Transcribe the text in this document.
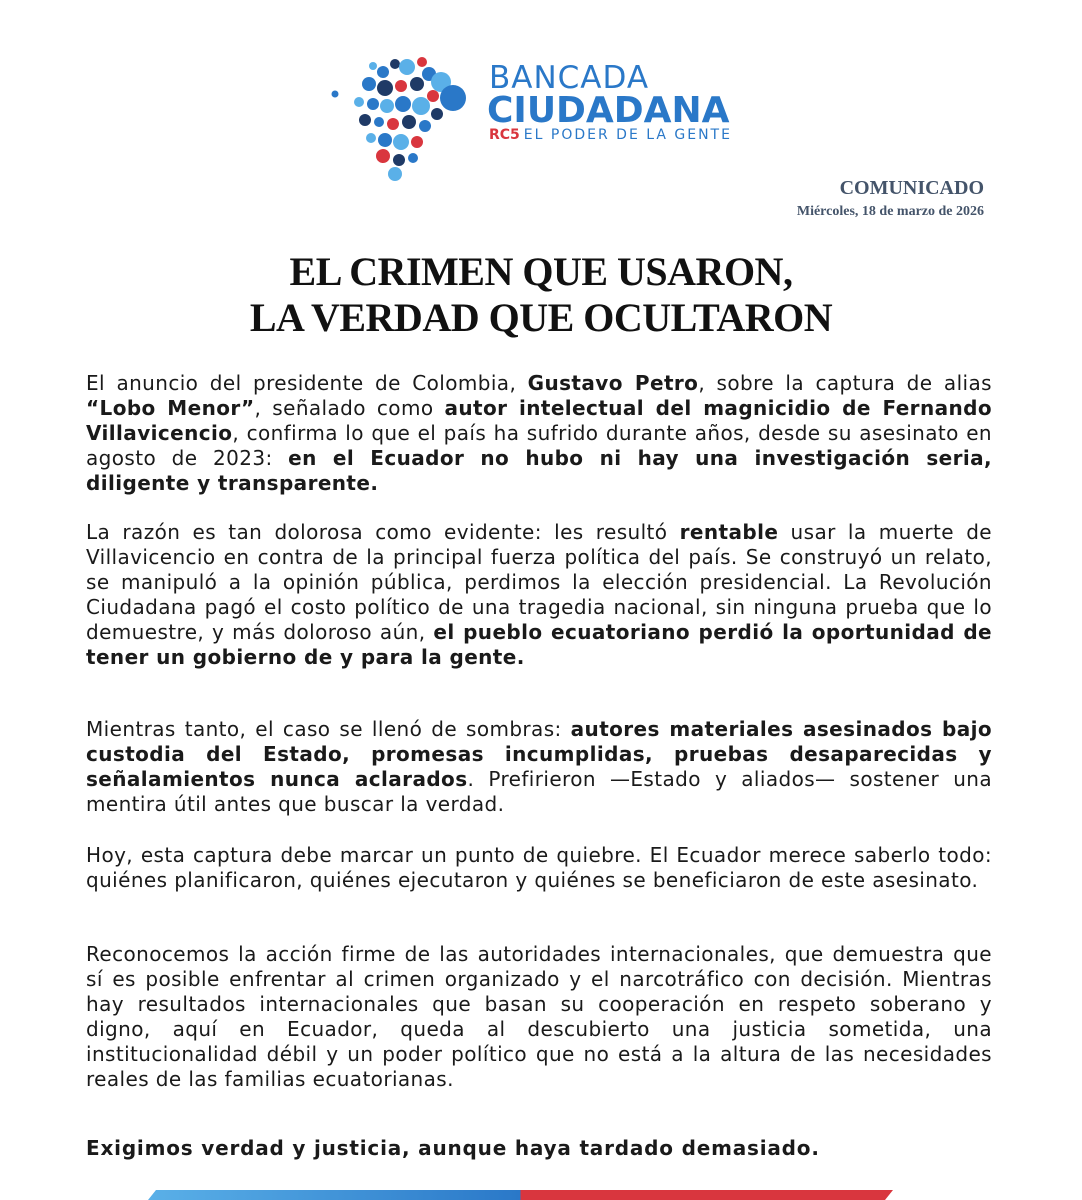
BANCADA
CIUDADANA
RC5 EL PODER DE LA GENTE
COMUNICADO
Miércoles, 18 de marzo de 2026
EL CRIMEN QUE USARON,
LA VERDAD QUE OCULTARON

El anuncio del presidente de Colombia, Gustavo Petro, sobre la captura de alias “Lobo Menor”, señalado como autor intelectual del magnicidio de Fernando Villavicencio, confirma lo que el país ha sufrido durante años, desde su asesinato en agosto de 2023: en el Ecuador no hubo ni hay una investigación seria, diligente y transparente.

La razón es tan dolorosa como evidente: les resultó rentable usar la muerte de Villavicencio en contra de la principal fuerza política del país. Se construyó un relato, se manipuló a la opinión pública, perdimos la elección presidencial. La Revolución Ciudadana pagó el costo político de una tragedia nacional, sin ninguna prueba que lo demuestre, y más doloroso aún, el pueblo ecuatoriano perdió la oportunidad de tener un gobierno de y para la gente.

Mientras tanto, el caso se llenó de sombras: autores materiales asesinados bajo custodia del Estado, promesas incumplidas, pruebas desaparecidas y señalamientos nunca aclarados. Prefirieron —Estado y aliados— sostener una mentira útil antes que buscar la verdad.

Hoy, esta captura debe marcar un punto de quiebre. El Ecuador merece saberlo todo: quiénes planificaron, quiénes ejecutaron y quiénes se beneficiaron de este asesinato.

Reconocemos la acción firme de las autoridades internacionales, que demuestra que sí es posible enfrentar al crimen organizado y el narcotráfico con decisión. Mientras hay resultados internacionales que basan su cooperación en respeto soberano y digno, aquí en Ecuador, queda al descubierto una justicia sometida, una institucionalidad débil y un poder político que no está a la altura de las necesidades reales de las familias ecuatorianas.

Exigimos verdad y justicia, aunque haya tardado demasiado.
